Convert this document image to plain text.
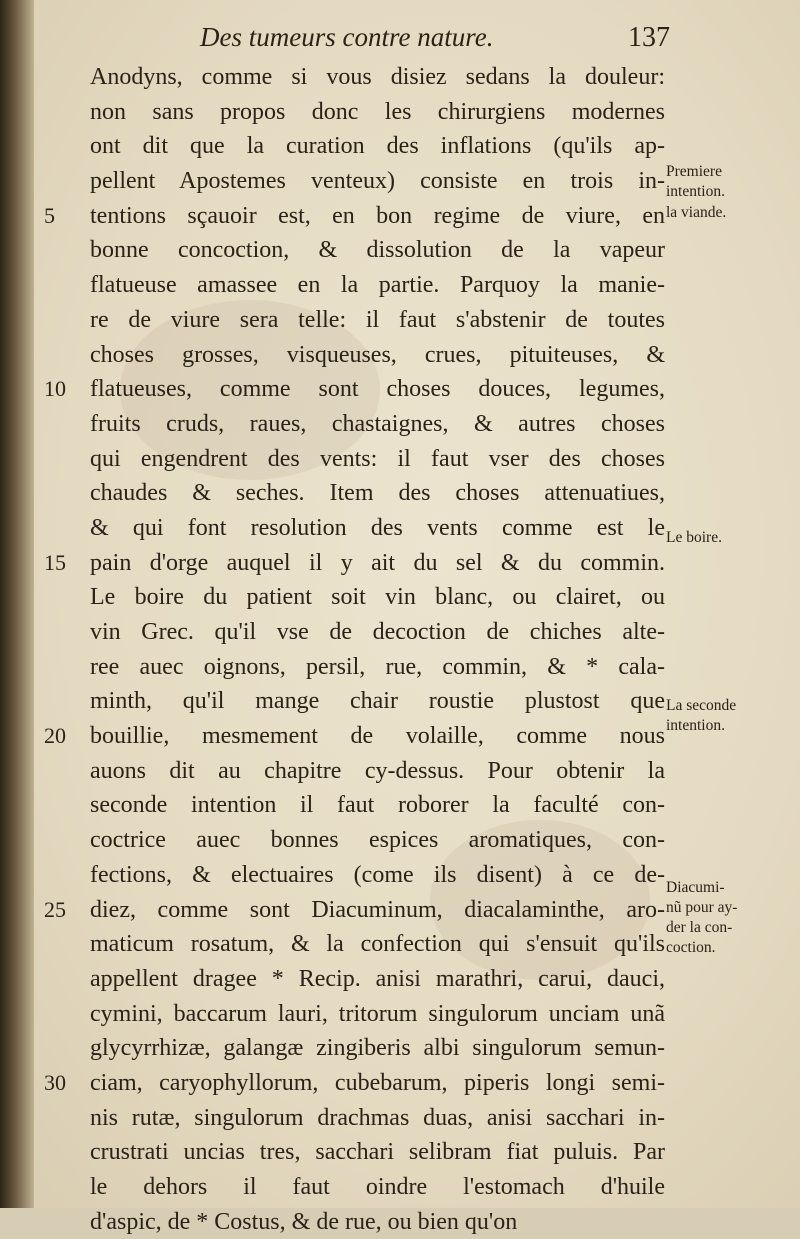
Des tumeurs contre nature.	137
Anodyns, comme si vous disiez sedans la douleur:
non sans propos donc les chirurgiens modernes
ont dit que la curation des inflations (qu'ils ap-
pellent Apostemes venteux) consiste en trois in-
tentions sçauoir est, en bon regime de viure, en
bonne concoction, & dissolution de la vapeur
flatueuse amassee en la partie. Parquoy la manie-
re de viure sera telle: il faut s'abstenir de toutes
choses grosses, visqueuses, crues, pituiteuses, &
flatueuses, comme sont choses douces, legumes,
fruits cruds, raues, chastaignes, & autres choses
qui engendrent des vents: il faut vser des choses
chaudes & seches. Item des choses attenuatiues,
& qui font resolution des vents comme est le
pain d'orge auquel il y ait du sel & du commin.
Le boire du patient soit vin blanc, ou clairet, ou
vin Grec. qu'il vse de decoction de chiches alte-
ree auec oignons, persil, rue, commin, & * cala-
minth, qu'il mange chair roustie plustost que
bouillie, mesmement de volaille, comme nous
auons dit au chapitre cy-dessus. Pour obtenir la
seconde intention il faut roborer la faculté con-
coctrice auec bonnes espices aromatiques, con-
fections, & electuaires (come ils disent) à ce de-
diez, comme sont Diacuminum, diacalaminthe, aro-
maticum rosatum, & la confection qui s'ensuit qu'ils
appellent dragee * Recip. anisi marathri, carui, dauci,
cymini, baccarum lauri, tritorum singulorum unciam unã
glycyrrhizæ, galangæ zingiberis albi singulorum semun-
ciam, caryophyllorum, cubebarum, piperis longi semi-
nis rutæ, singulorum drachmas duas, anisi sacchari in-
crustrati uncias tres, sacchari selibram fiat puluis. Par
le dehors il faut oindre l'estomach d'huile
d'aspic, de * Costus, & de rue, ou bien qu'on
5
10
15
20
25
30
Premiere
intention.
la viande.
Le boire.
La seconde
intention.
Diacumi-
nũ pour ay-
der la con-
coction.
